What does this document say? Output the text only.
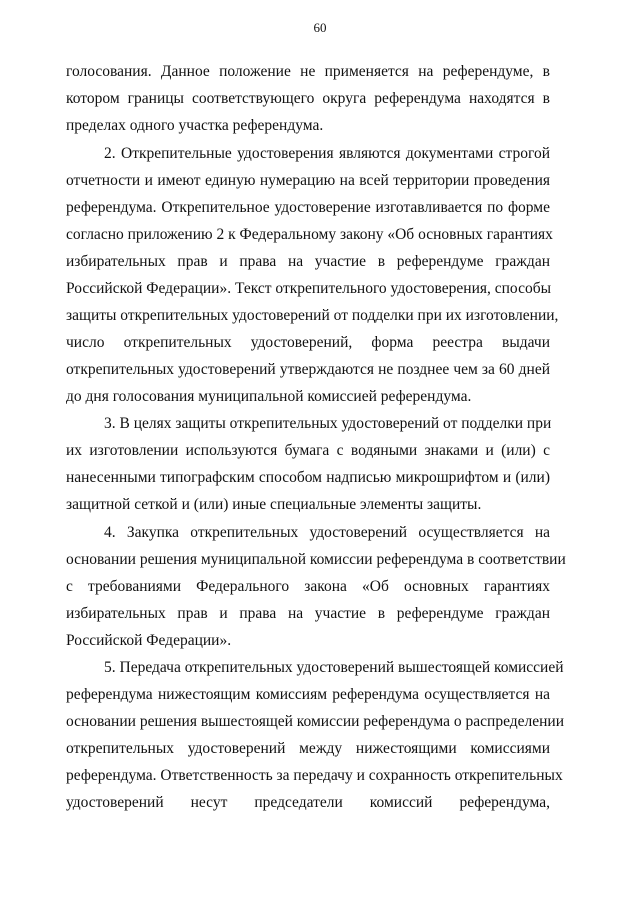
60
голосования. Данное положение не применяется на референдуме, в
котором границы соответствующего округа референдума находятся в
пределах одного участка референдума.
2. Открепительные удостоверения являются документами строгой
отчетности и имеют единую нумерацию на всей территории проведения
референдума. Открепительное удостоверение изготавливается по форме
согласно приложению 2 к Федеральному закону «Об основных гарантиях
избирательных прав и права на участие в референдуме граждан
Российской Федерации». Текст открепительного удостоверения, способы
защиты открепительных удостоверений от подделки при их изготовлении,
число открепительных удостоверений, форма реестра выдачи
открепительных удостоверений утверждаются не позднее чем за 60 дней
до дня голосования муниципальной комиссией референдума.
3. В целях защиты открепительных удостоверений от подделки при
их изготовлении используются бумага с водяными знаками и (или) с
нанесенными типографским способом надписью микрошрифтом и (или)
защитной сеткой и (или) иные специальные элементы защиты.
4. Закупка открепительных удостоверений осуществляется на
основании решения муниципальной комиссии референдума в соответствии
с требованиями Федерального закона «Об основных гарантиях
избирательных прав и права на участие в референдуме граждан
Российской Федерации».
5. Передача открепительных удостоверений вышестоящей комиссией
референдума нижестоящим комиссиям референдума осуществляется на
основании решения вышестоящей комиссии референдума о распределении
открепительных удостоверений между нижестоящими комиссиями
референдума. Ответственность за передачу и сохранность открепительных
удостоверений несут председатели комиссий референдума,
